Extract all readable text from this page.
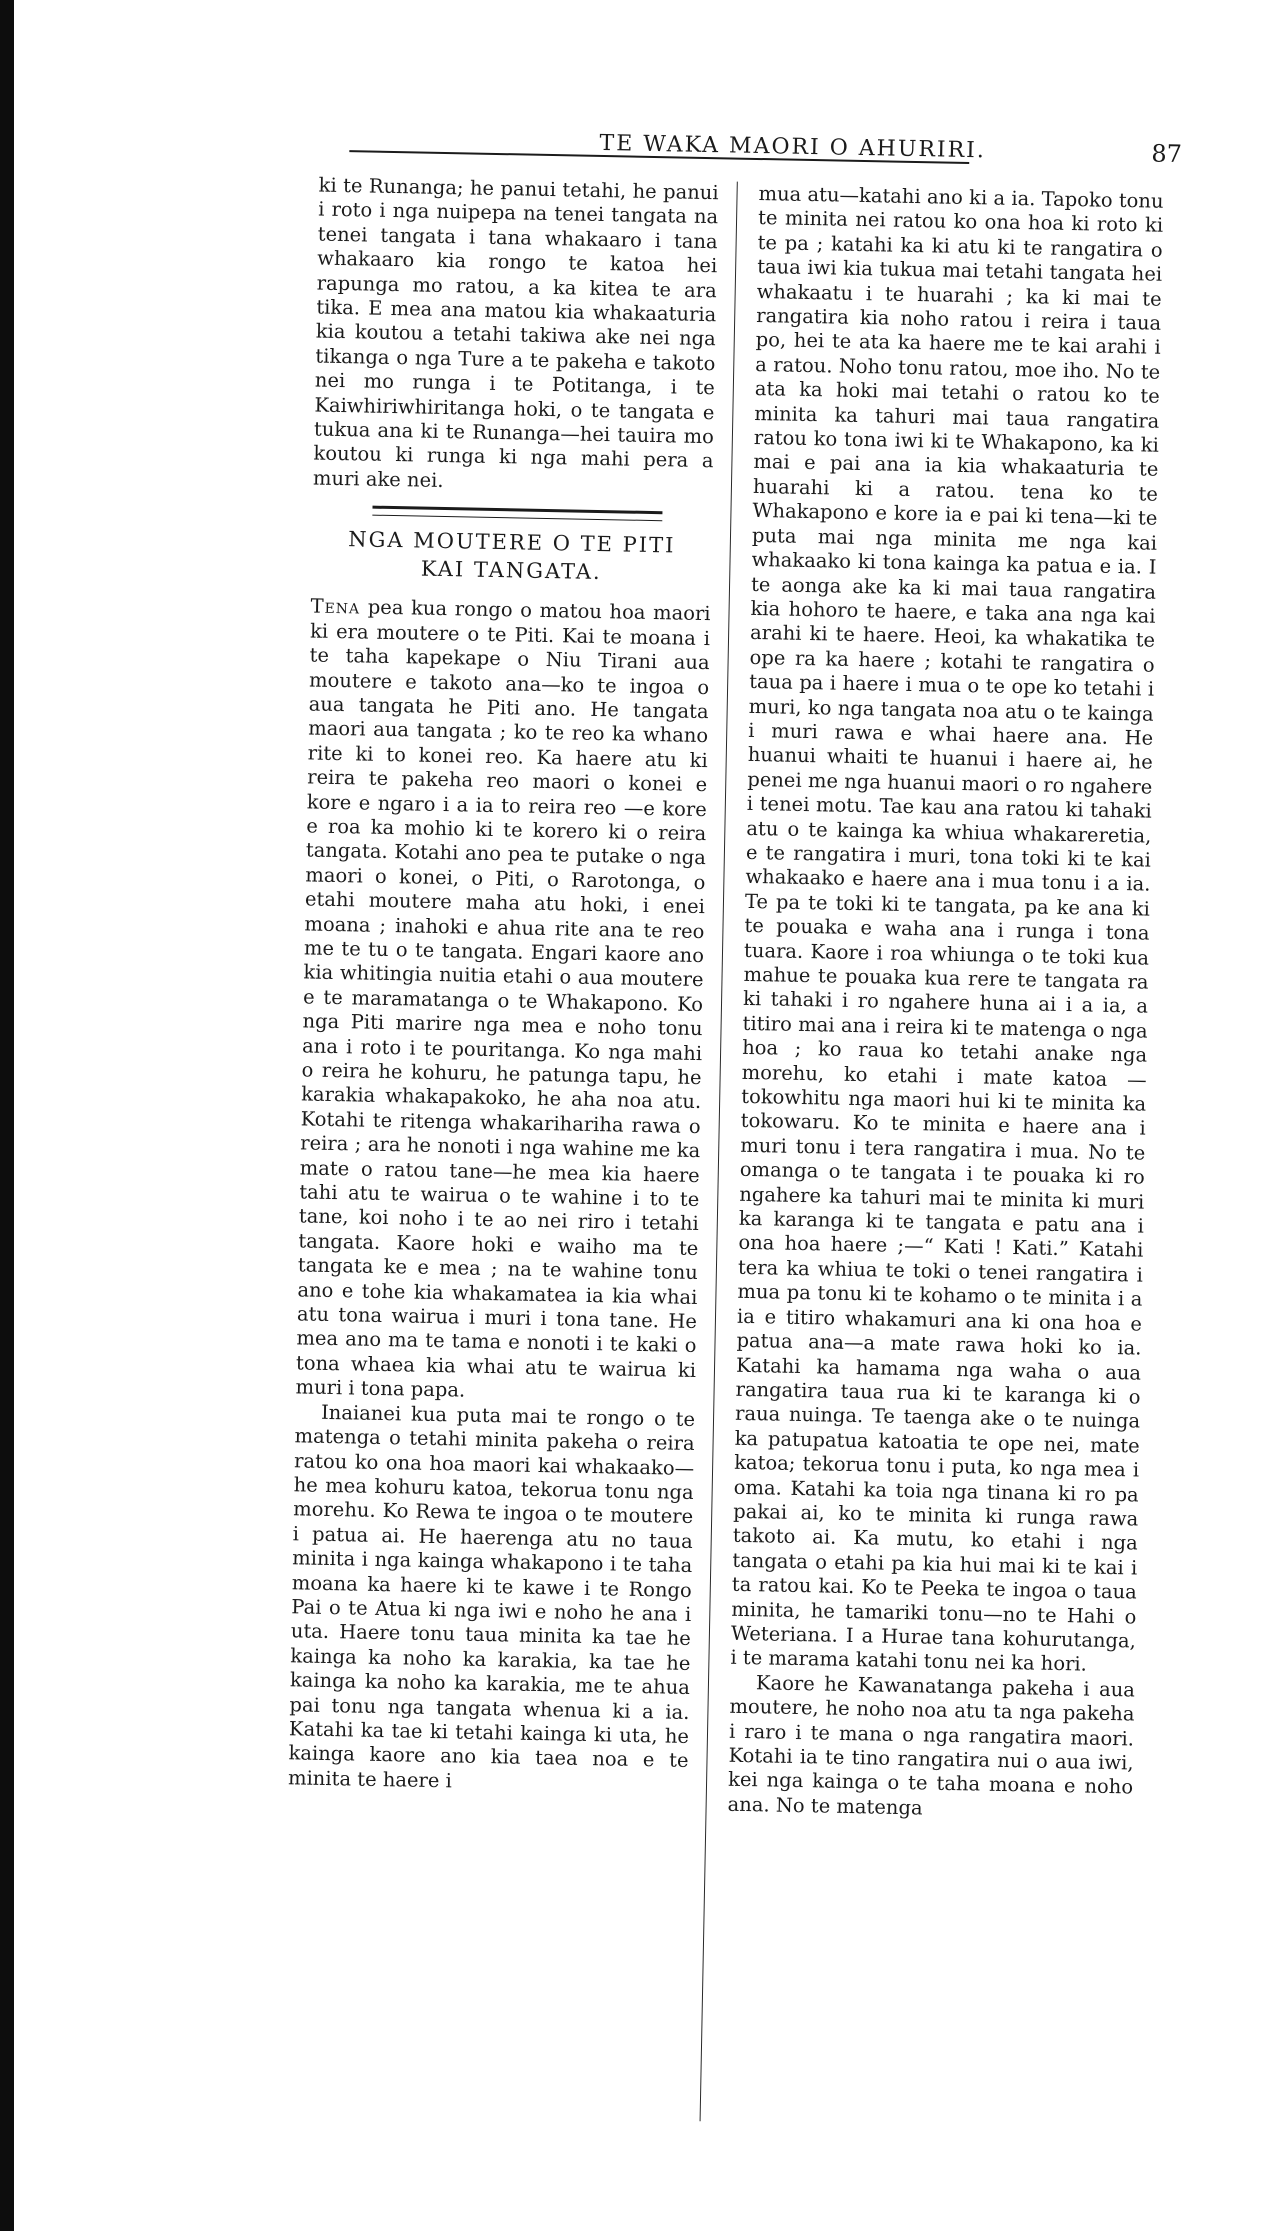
TE WAKA MAORI O AHURIRI.	87

ki te Runanga; he panui tetahi, he panui i roto i nga nuipepa na tenei tangata na tenei tangata i tana whakaaro i tana whakaaro kia rongo te katoa hei rapunga mo ratou, a ka kitea te ara tika. E mea ana matou kia whakaaturia kia koutou a tetahi takiwa ake nei nga tikanga o nga Ture a te pakeha e takoto nei mo runga i te Potitanga, i te Kaiwhiriwhiritanga hoki, o te tangata e tukua ana ki te Runanga—hei tauira mo koutou ki runga ki nga mahi pera a muri ake nei.

NGA MOUTERE O TE PITI
KAI TANGATA.

Tena pea kua rongo o matou hoa maori ki era moutere o te Piti. Kai te moana i te taha kapekape o Niu Tirani aua moutere e takoto ana—ko te ingoa o aua tangata he Piti ano. He tangata maori aua tangata ; ko te reo ka whano rite ki to konei reo. Ka haere atu ki reira te pakeha reo maori o konei e kore e ngaro i a ia to reira reo —e kore e roa ka mohio ki te korero ki o reira tangata. Kotahi ano pea te putake o nga maori o konei, o Piti, o Rarotonga, o etahi moutere maha atu hoki, i enei moana ; inahoki e ahua rite ana te reo me te tu o te tangata. Engari kaore ano kia whitingia nuitia etahi o aua moutere e te maramatanga o te Whakapono. Ko nga Piti marire nga mea e noho tonu ana i roto i te pouritanga. Ko nga mahi o reira he kohuru, he patunga tapu, he karakia whakapakoko, he aha noa atu. Kotahi te ritenga whakarihariha rawa o reira ; ara he nonoti i nga wahine me ka mate o ratou tane—he mea kia haere tahi atu te wairua o te wahine i to te tane, koi noho i te ao nei riro i tetahi tangata. Kaore hoki e waiho ma te tangata ke e mea ; na te wahine tonu ano e tohe kia whakamatea ia kia whai atu tona wairua i muri i tona tane. He mea ano ma te tama e nonoti i te kaki o tona whaea kia whai atu te wairua ki muri i tona papa.

Inaianei kua puta mai te rongo o te matenga o tetahi minita pakeha o reira ratou ko ona hoa maori kai whakaako—he mea kohuru katoa, tekorua tonu nga morehu. Ko Rewa te ingoa o te moutere i patua ai. He haerenga atu no taua minita i nga kainga whakapono i te taha moana ka haere ki te kawe i te Rongo Pai o te Atua ki nga iwi e noho he ana i uta. Haere tonu taua minita ka tae he kainga ka noho ka karakia, ka tae he kainga ka noho ka karakia, me te ahua pai tonu nga tangata whenua ki a ia. Katahi ka tae ki tetahi kainga ki uta, he kainga kaore ano kia taea noa e te minita te haere i

mua atu—katahi ano ki a ia. Tapoko tonu te minita nei ratou ko ona hoa ki roto ki te pa ; katahi ka ki atu ki te rangatira o taua iwi kia tukua mai tetahi tangata hei whakaatu i te huarahi ; ka ki mai te rangatira kia noho ratou i reira i taua po, hei te ata ka haere me te kai arahi i a ratou. Noho tonu ratou, moe iho. No te ata ka hoki mai tetahi o ratou ko te minita ka tahuri mai taua rangatira ratou ko tona iwi ki te Whakapono, ka ki mai e pai ana ia kia whakaaturia te huarahi ki a ratou. tena ko te Whakapono e kore ia e pai ki tena—ki te puta mai nga minita me nga kai whakaako ki tona kainga ka patua e ia. I te aonga ake ka ki mai taua rangatira kia hohoro te haere, e taka ana nga kai arahi ki te haere. Heoi, ka whakatika te ope ra ka haere ; kotahi te rangatira o taua pa i haere i mua o te ope ko tetahi i muri, ko nga tangata noa atu o te kainga i muri rawa e whai haere ana. He huanui whaiti te huanui i haere ai, he penei me nga huanui maori o ro ngahere i tenei motu. Tae kau ana ratou ki tahaki atu o te kainga ka whiua whakareretia, e te rangatira i muri, tona toki ki te kai whakaako e haere ana i mua tonu i a ia. Te pa te toki ki te tangata, pa ke ana ki te pouaka e waha ana i runga i tona tuara. Kaore i roa whiunga o te toki kua mahue te pouaka kua rere te tangata ra ki tahaki i ro ngahere huna ai i a ia, a titiro mai ana i reira ki te matenga o nga hoa ; ko raua ko tetahi anake nga morehu, ko etahi i mate katoa —tokowhitu nga maori hui ki te minita ka tokowaru. Ko te minita e haere ana i muri tonu i tera rangatira i mua. No te omanga o te tangata i te pouaka ki ro ngahere ka tahuri mai te minita ki muri ka karanga ki te tangata e patu ana i ona hoa haere ;—“ Kati ! Kati.” Katahi tera ka whiua te toki o tenei rangatira i mua pa tonu ki te kohamo o te minita i a ia e titiro whakamuri ana ki ona hoa e patua ana—a mate rawa hoki ko ia. Katahi ka hamama nga waha o aua rangatira taua rua ki te karanga ki o raua nuinga. Te taenga ake o te nuinga ka patupatua katoatia te ope nei, mate katoa; tekorua tonu i puta, ko nga mea i oma. Katahi ka toia nga tinana ki ro pa pakai ai, ko te minita ki runga rawa takoto ai. Ka mutu, ko etahi i nga tangata o etahi pa kia hui mai ki te kai i ta ratou kai. Ko te Peeka te ingoa o taua minita, he tamariki tonu—no te Hahi o Weteriana. I a Hurae tana kohurutanga, i te marama katahi tonu nei ka hori.

Kaore he Kawanatanga pakeha i aua moutere, he noho noa atu ta nga pakeha i raro i te mana o nga rangatira maori. Kotahi ia te tino rangatira nui o aua iwi, kei nga kainga o te taha moana e noho ana. No te matenga
